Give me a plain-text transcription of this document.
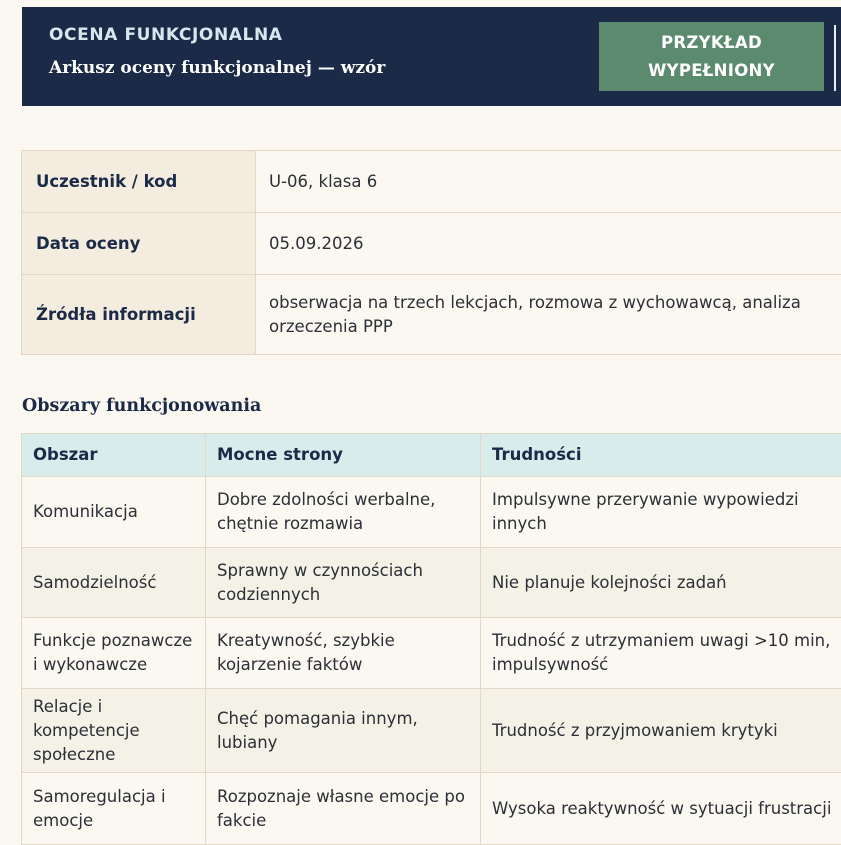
OCENA FUNKCJONALNA
Arkusz oceny funkcjonalnej — wzór
PRZYKŁAD
WYPEŁNIONY
Uczestnik / kod	U-06, klasa 6
Data oceny	05.09.2026
Źródła informacji	obserwacja na trzech lekcjach, rozmowa z wychowawcą, analiza orzeczenia PPP
Obszary funkcjonowania
Obszar	Mocne strony	Trudności
Komunikacja	Dobre zdolności werbalne, chętnie rozmawia	Impulsywne przerywanie wypowiedzi innych
Samodzielność	Sprawny w czynnościach codziennych	Nie planuje kolejności zadań
Funkcje poznawcze i wykonawcze	Kreatywność, szybkie kojarzenie faktów	Trudność z utrzymaniem uwagi >10 min, impulsywność
Relacje i kompetencje społeczne	Chęć pomagania innym, lubiany	Trudność z przyjmowaniem krytyki
Samoregulacja i emocje	Rozpoznaje własne emocje po fakcie	Wysoka reaktywność w sytuacji frustracji
